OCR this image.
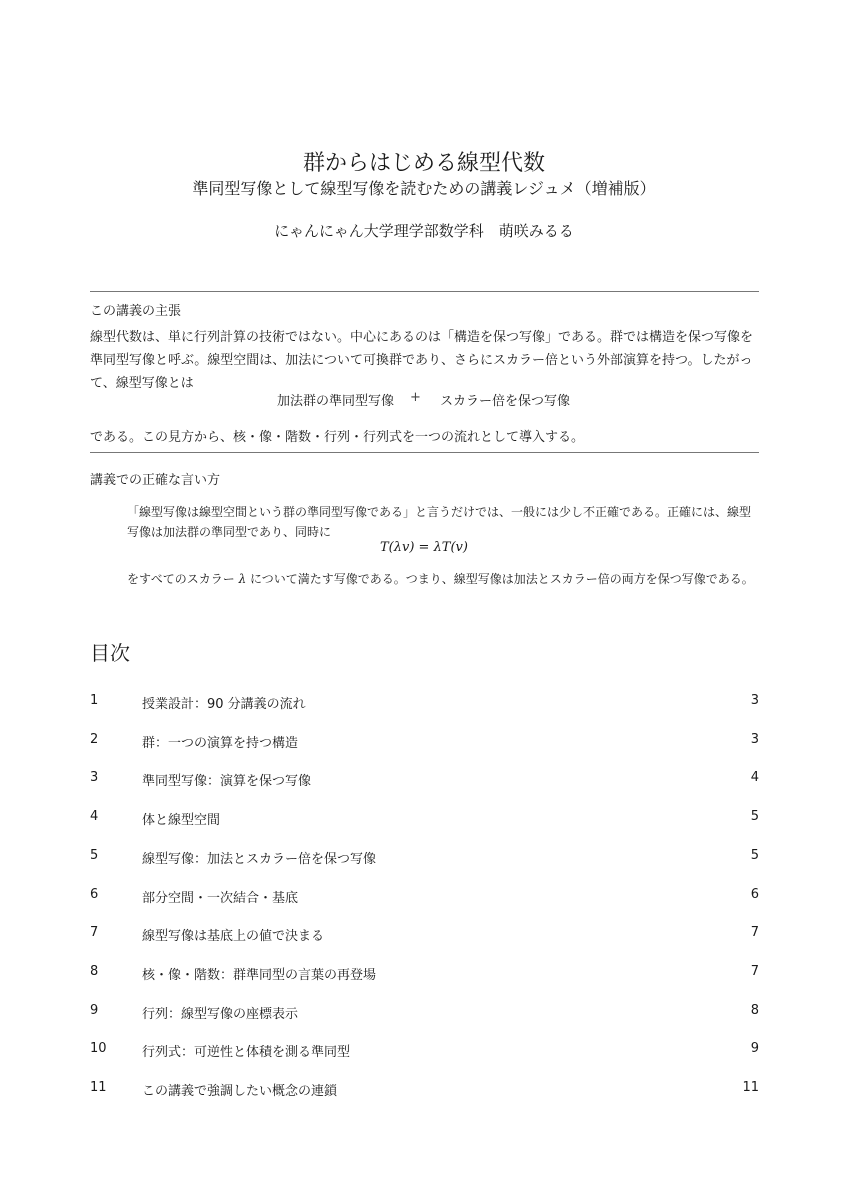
群からはじめる線型代数
準同型写像として線型写像を読むための講義レジュメ（増補版）
にゃんにゃん大学理学部数学科　萌咲みるる
この講義の主張
線型代数は、単に行列計算の技術ではない。中心にあるのは「構造を保つ写像」である。群では構造を保つ写像を準同型写像と呼ぶ。線型空間は、加法について可換群であり、さらにスカラー倍という外部演算を持つ。したがって、線型写像とは
加法群の準同型写像 + スカラー倍を保つ写像
である。この見方から、核・像・階数・行列・行列式を一つの流れとして導入する。
講義での正確な言い方
「線型写像は線型空間という群の準同型写像である」と言うだけでは、一般には少し不正確である。正確には、線型写像は加法群の準同型であり、同時に
T(λv) = λT(v)
をすべてのスカラー λ について満たす写像である。つまり、線型写像は加法とスカラー倍の両方を保つ写像である。
目次
1	授業設計：90 分講義の流れ	3
2	群：一つの演算を持つ構造	3
3	準同型写像：演算を保つ写像	4
4	体と線型空間	5
5	線型写像：加法とスカラー倍を保つ写像	5
6	部分空間・一次結合・基底	6
7	線型写像は基底上の値で決まる	7
8	核・像・階数：群準同型の言葉の再登場	7
9	行列：線型写像の座標表示	8
10	行列式：可逆性と体積を測る準同型	9
11	この講義で強調したい概念の連鎖	11
